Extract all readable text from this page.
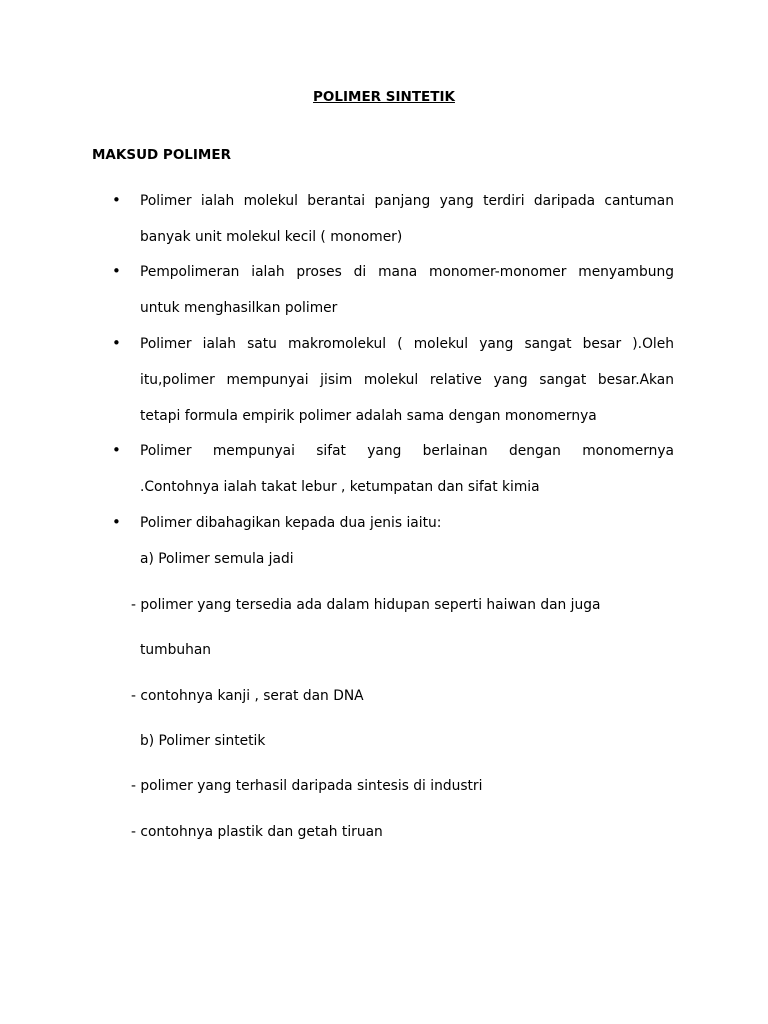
POLIMER SINTETIK
MAKSUD POLIMER
• Polimer ialah molekul berantai panjang yang terdiri daripada cantuman
banyak unit molekul kecil ( monomer)
• Pempolimeran ialah proses di mana monomer-monomer menyambung
untuk menghasilkan polimer
• Polimer ialah satu makromolekul ( molekul yang sangat besar ).Oleh
itu,polimer mempunyai jisim molekul relative yang sangat besar.Akan
tetapi formula empirik polimer adalah sama dengan monomernya
• Polimer mempunyai sifat yang berlainan dengan monomernya
.Contohnya ialah takat lebur , ketumpatan dan sifat kimia
• Polimer dibahagikan kepada dua jenis iaitu:
a) Polimer semula jadi
- polimer yang tersedia ada dalam hidupan seperti haiwan dan juga
tumbuhan
- contohnya kanji , serat dan DNA
b) Polimer sintetik
- polimer yang terhasil daripada sintesis di industri
- contohnya plastik dan getah tiruan
